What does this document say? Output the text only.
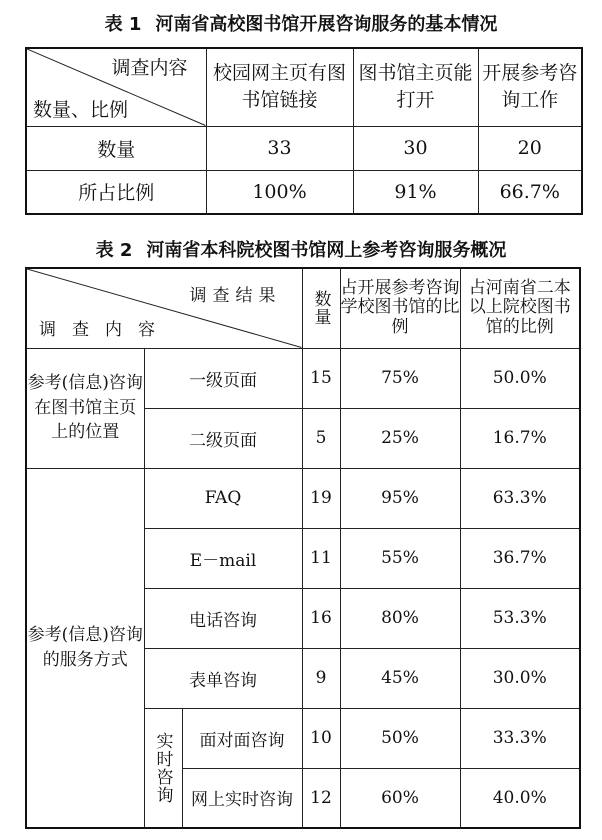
表 1 河南省高校图书馆开展咨询服务的基本情况
调查内容
数量、比例	校园网主页有图书馆链接	图书馆主页能打开	开展参考咨询工作
数量	33	30	20
所占比例	100%	91%	66.7%
表 2 河南省本科院校图书馆网上参考咨询服务概况
调查结果
调查内容			数量	占开展参考咨询学校图书馆的比例	占河南省二本以上院校图书馆的比例
参考(信息)咨询在图书馆主页上的位置	一级页面		15	75%	50.0%
	二级页面		5	25%	16.7%
参考(信息)咨询的服务方式	FAQ		19	95%	63.3%
	E－mail		11	55%	36.7%
	电话咨询		16	80%	53.3%
	表单咨询		9	45%	30.0%
	实时咨询	面对面咨询	10	50%	33.3%
		网上实时咨询	12	60%	40.0%
